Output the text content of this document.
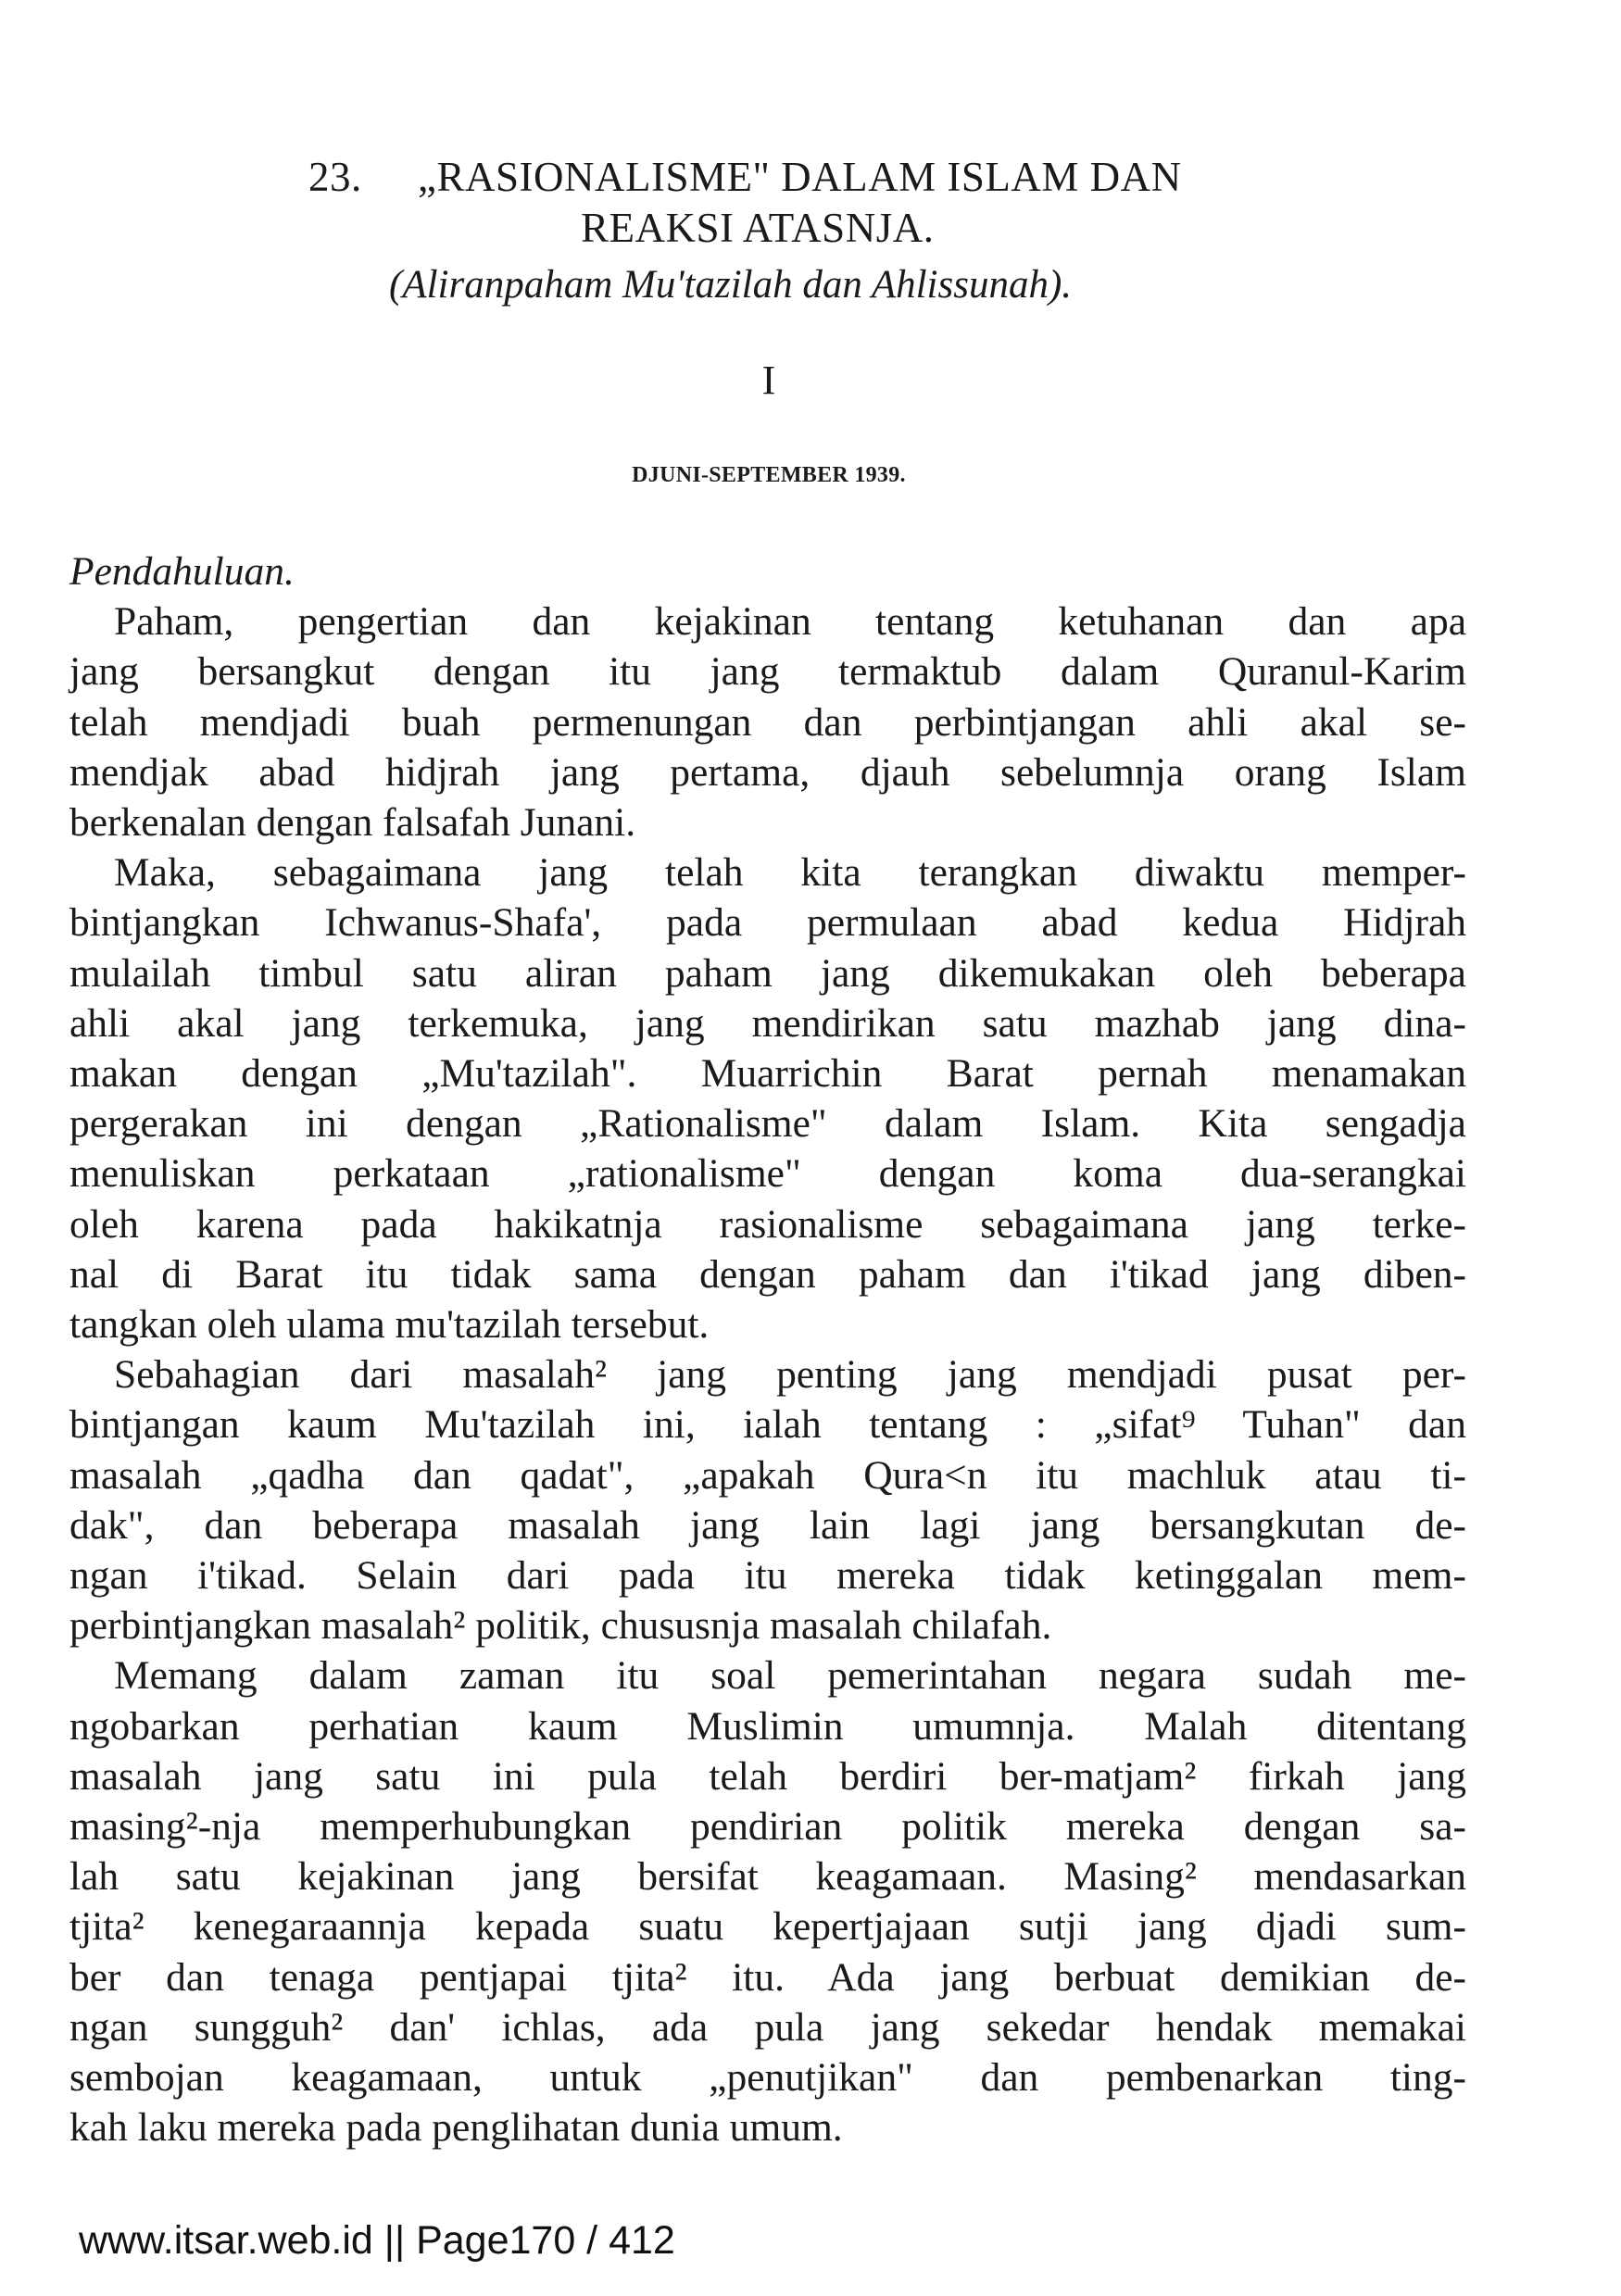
23. „RASIONALISME" DALAM ISLAM DAN
REAKSI ATASNJA.
(Aliranpaham Mu'tazilah dan Ahlissunah).
I
DJUNI-SEPTEMBER 1939.
Pendahuluan.

Paham, pengertian dan kejakinan tentang ketuhanan dan apa
jang bersangkut dengan itu jang termaktub dalam Quranul-Karim
telah mendjadi buah permenungan dan perbintjangan ahli akal se-
mendjak abad hidjrah jang pertama, djauh sebelumnja orang Islam
berkenalan dengan falsafah Junani.

Maka, sebagaimana jang telah kita terangkan diwaktu memper-
bintjangkan Ichwanus-Shafa', pada permulaan abad kedua Hidjrah
mulailah timbul satu aliran paham jang dikemukakan oleh beberapa
ahli akal jang terkemuka, jang mendirikan satu mazhab jang dina-
makan dengan „Mu'tazilah". Muarrichin Barat pernah menamakan
pergerakan ini dengan „Rationalisme" dalam Islam. Kita sengadja
menuliskan perkataan „rationalisme" dengan koma dua-serangkai
oleh karena pada hakikatnja rasionalisme sebagaimana jang terke-
nal di Barat itu tidak sama dengan paham dan i'tikad jang diben-
tangkan oleh ulama mu'tazilah tersebut.

Sebahagian dari masalah² jang penting jang mendjadi pusat per-
bintjangan kaum Mu'tazilah ini, ialah tentang : „sifat⁹ Tuhan" dan
masalah „qadha dan qadat", „apakah Qura<n itu machluk atau ti-
dak", dan beberapa masalah jang lain lagi jang bersangkutan de-
ngan i'tikad. Selain dari pada itu mereka tidak ketinggalan mem-
perbintjangkan masalah² politik, chususnja masalah chilafah.

Memang dalam zaman itu soal pemerintahan negara sudah me-
ngobarkan perhatian kaum Muslimin umumnja. Malah ditentang
masalah jang satu ini pula telah berdiri ber-matjam² firkah jang
masing²-nja memperhubungkan pendirian politik mereka dengan sa-
lah satu kejakinan jang bersifat keagamaan. Masing² mendasarkan
tjita² kenegaraannja kepada suatu kepertjajaan sutji jang djadi sum-
ber dan tenaga pentjapai tjita² itu. Ada jang berbuat demikian de-
ngan sungguh² dan' ichlas, ada pula jang sekedar hendak memakai
sembojan keagamaan, untuk „penutjikan" dan pembenarkan ting-
kah laku mereka pada penglihatan dunia umum.

www.itsar.web.id || Page170 / 412
